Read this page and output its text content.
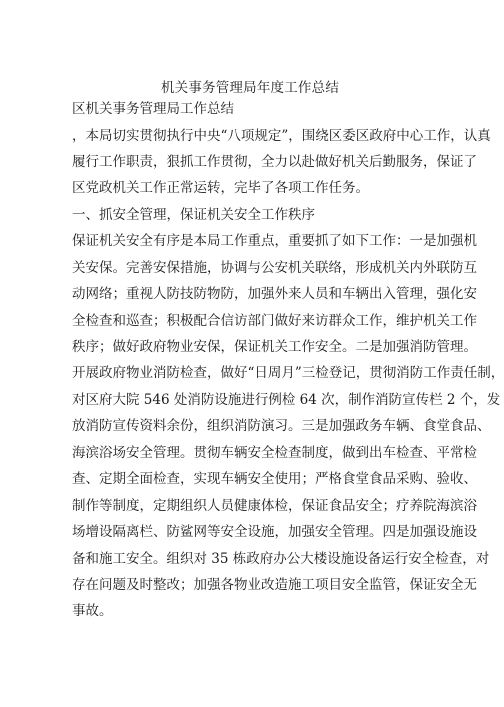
机关事务管理局年度工作总结
区机关事务管理局工作总结
，本局切实贯彻执行中央“八项规定”，围绕区委区政府中心工作，认真
履行工作职责，狠抓工作贯彻，全力以赴做好机关后勤服务，保证了
区党政机关工作正常运转，完毕了各项工作任务。
一、抓安全管理，保证机关安全工作秩序
保证机关安全有序是本局工作重点，重要抓了如下工作：一是加强机
关安保。完善安保措施，协调与公安机关联络，形成机关内外联防互
动网络；重视人防技防物防，加强外来人员和车辆出入管理，强化安
全检查和巡查；积极配合信访部门做好来访群众工作，维护机关工作
秩序；做好政府物业安保，保证机关工作安全。二是加强消防管理。
开展政府物业消防检查，做好“日周月”三检登记，贯彻消防工作责任制，
对区府大院 546 处消防设施进行例检 64 次，制作消防宣传栏 2 个，发
放消防宣传资料余份，组织消防演习。三是加强政务车辆、食堂食品、
海滨浴场安全管理。贯彻车辆安全检查制度，做到出车检查、平常检
查、定期全面检查，实现车辆安全使用；严格食堂食品采购、验收、
制作等制度，定期组织人员健康体检，保证食品安全；疗养院海滨浴
场增设隔离栏、防鲨网等安全设施，加强安全管理。四是加强设施设
备和施工安全。组织对 35 栋政府办公大楼设施设备运行安全检查，对
存在问题及时整改；加强各物业改造施工项目安全监管，保证安全无
事故。
